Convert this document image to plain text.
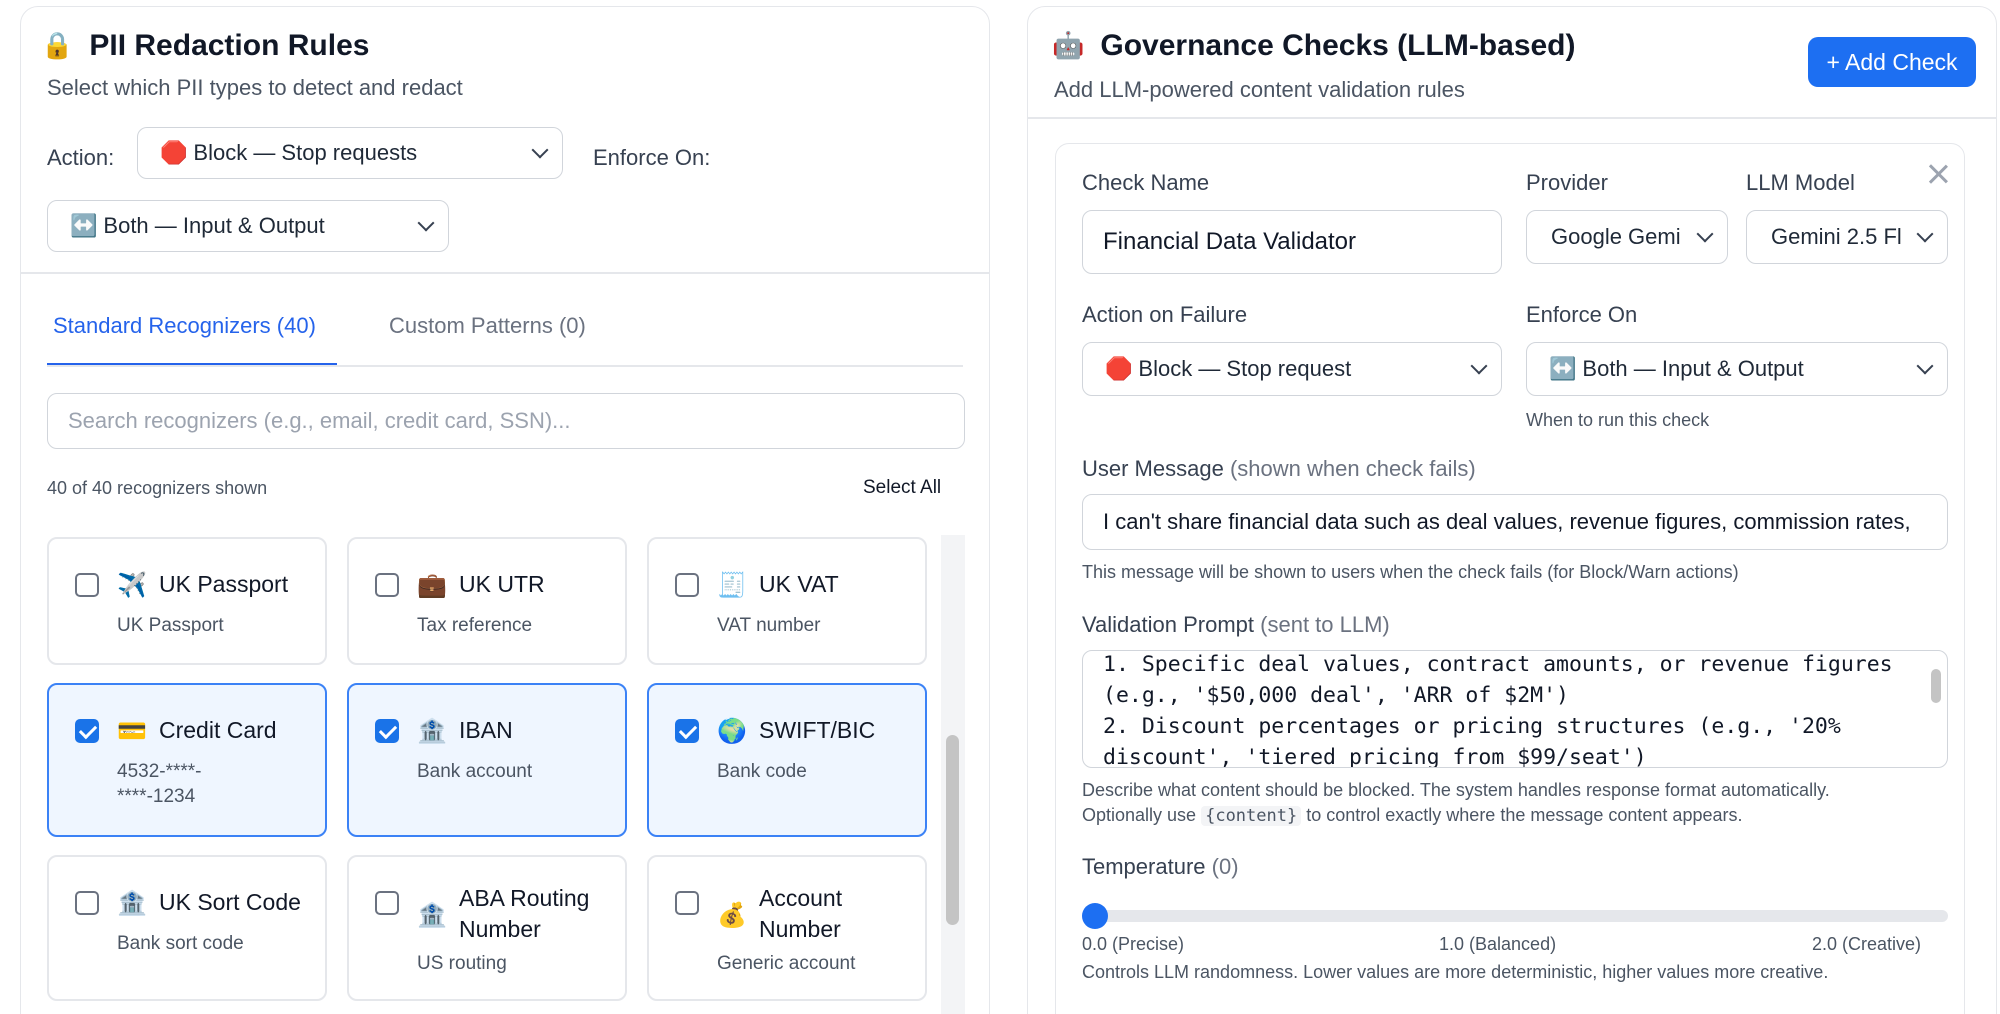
🔒 PII Redaction Rules
Select which PII types to detect and redact
Action: 🛑 Block — Stop requests	Enforce On:
↔️ Both — Input & Output
Standard Recognizers (40)	Custom Patterns (0)
Search recognizers (e.g., email, credit card, SSN)...
40 of 40 recognizers shown	Select All
✈️ UK Passport
UK Passport
💼 UK UTR
Tax reference
🧾 UK VAT
VAT number
💳 Credit Card
4532-****-
****-1234
🏦 IBAN
Bank account
🌍 SWIFT/BIC
Bank code
🏦 UK Sort Code
Bank sort code
🏦
ABA Routing
Number
US routing
💰
Account
Number
Generic account
🤖 Governance Checks (LLM-based)
Add LLM-powered content validation rules
+ Add Check
Check Name
Financial Data Validator
Provider
Google Gemi
LLM Model
Gemini 2.5 Fl
Action on Failure
🛑 Block — Stop request
Enforce On
↔️ Both — Input & Output
When to run this check
User Message (shown when check fails)
I can't share financial data such as deal values, revenue figures, commission rates,
This message will be shown to users when the check fails (for Block/Warn actions)
Validation Prompt (sent to LLM)
1. Specific deal values, contract amounts, or revenue figures
(e.g., '$50,000 deal', 'ARR of $2M')
2. Discount percentages or pricing structures (e.g., '20%
discount', 'tiered pricing from $99/seat')
Describe what content should be blocked. The system handles response format automatically.
Optionally use {content} to control exactly where the message content appears.
Temperature (0)
0.0 (Precise)	1.0 (Balanced)	2.0 (Creative)
Controls LLM randomness. Lower values are more deterministic, higher values more creative.
